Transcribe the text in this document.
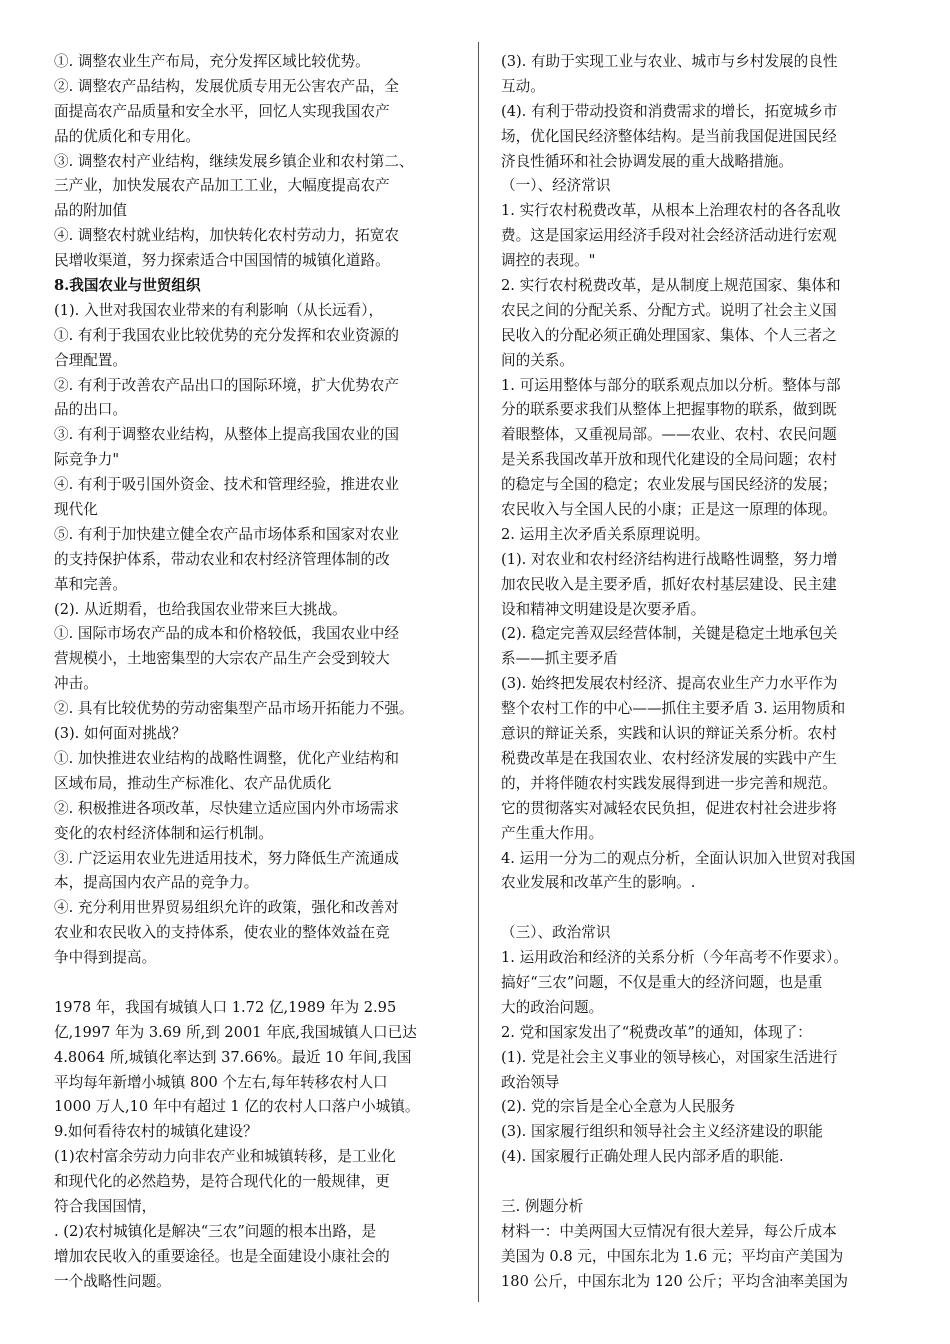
①. 调整农业生产布局，充分发挥区域比较优势。
②. 调整农产品结构，发展优质专用无公害农产品，全
面提高农产品质量和安全水平，回忆人实现我国农产
品的优质化和专用化。
③. 调整农村产业结构，继续发展乡镇企业和农村第二、
三产业，加快发展农产品加工工业，大幅度提高农产
品的附加值
④. 调整农村就业结构，加快转化农村劳动力，拓宽农
民增收渠道，努力探索适合中国国情的城镇化道路。
8.我国农业与世贸组织
(1). 入世对我国农业带来的有利影响（从长远看），
①. 有利于我国农业比较优势的充分发挥和农业资源的
合理配置。
②. 有利于改善农产品出口的国际环境，扩大优势农产
品的出口。
③. 有利于调整农业结构，从整体上提高我国农业的国
际竞争力"
④. 有利于吸引国外资金、技术和管理经验，推进农业
现代化
⑤. 有利于加快建立健全农产品市场体系和国家对农业
的支持保护体系，带动农业和农村经济管理体制的改
革和完善。
(2). 从近期看，也给我国农业带来巨大挑战。
①. 国际市场农产品的成本和价格较低，我国农业中经
营规模小，土地密集型的大宗农产品生产会受到较大
冲击。
②. 具有比较优势的劳动密集型产品市场开拓能力不强。
(3). 如何面对挑战？
①. 加快推进农业结构的战略性调整，优化产业结构和
区域布局，推动生产标准化、农产品优质化
②. 积极推进各项改革，尽快建立适应国内外市场需求
变化的农村经济体制和运行机制。
③. 广泛运用农业先进适用技术，努力降低生产流通成
本，提高国内农产品的竞争力。
④. 充分利用世界贸易组织允许的政策，强化和改善对
农业和农民收入的支持体系，使农业的整体效益在竞
争中得到提高。
1978 年，我国有城镇人口 1.72 亿,1989 年为 2.95
亿,1997 年为 3.69 所,到 2001 年底,我国城镇人口已达
4.8064 所,城镇化率达到 37.66%。最近 10 年间,我国
平均每年新增小城镇 800 个左右,每年转移农村人口
1000 万人,10 年中有超过 1 亿的农村人口落户小城镇。
9.如何看待农村的城镇化建设？
(1)农村富余劳动力向非农产业和城镇转移，是工业化
和现代化的必然趋势，是符合现代化的一般规律，更
符合我国国情，
. (2)农村城镇化是解决“三农”问题的根本出路，是
增加农民收入的重要途径。也是全面建设小康社会的
一个战略性问题。
(3). 有助于实现工业与农业、城市与乡村发展的良性
互动。
(4). 有利于带动投资和消费需求的增长，拓宽城乡市
场，优化国民经济整体结构。是当前我国促进国民经
济良性循环和社会协调发展的重大战略措施。
（一）、经济常识
1. 实行农村税费改革，从根本上治理农村的各各乱收
费。这是国家运用经济手段对社会经济活动进行宏观
调控的表现。"
2. 实行农村税费改革，是从制度上规范国家、集体和
农民之间的分配关系、分配方式。说明了社会主义国
民收入的分配必须正确处理国家、集体、个人三者之
间的关系。
1. 可运用整体与部分的联系观点加以分析。整体与部
分的联系要求我们从整体上把握事物的联系，做到既
着眼整体，又重视局部。——农业、农村、农民问题
是关系我国改革开放和现代化建设的全局问题；农村
的稳定与全国的稳定；农业发展与国民经济的发展；
农民收入与全国人民的小康；正是这一原理的体现。
2. 运用主次矛盾关系原理说明。
(1). 对农业和农村经济结构进行战略性调整，努力增
加农民收入是主要矛盾，抓好农村基层建设、民主建
设和精神文明建设是次要矛盾。
(2). 稳定完善双层经营体制，关键是稳定土地承包关
系——抓主要矛盾
(3). 始终把发展农村经济、提高农业生产力水平作为
整个农村工作的中心——抓住主要矛盾 3. 运用物质和
意识的辩证关系，实践和认识的辩证关系分析。农村
税费改革是在我国农业、农村经济发展的实践中产生
的，并将伴随农村实践发展得到进一步完善和规范。
它的贯彻落实对减轻农民负担，促进农村社会进步将
产生重大作用。
4. 运用一分为二的观点分析，全面认识加入世贸对我国
农业发展和改革产生的影响。.
（三）、政治常识
1. 运用政治和经济的关系分析（今年高考不作要求）。
搞好“三农”问题，不仅是重大的经济问题，也是重
大的政治问题。
2. 党和国家发出了“税费改革”的通知，体现了：
(1). 党是社会主义事业的领导核心，对国家生活进行
政治领导
(2). 党的宗旨是全心全意为人民服务
(3). 国家履行组织和领导社会主义经济建设的职能
(4). 国家履行正确处理人民内部矛盾的职能.
三. 例题分析
材料一：中美两国大豆情况有很大差异，每公斤成本
美国为 0.8 元，中国东北为 1.6 元；平均亩产美国为
180 公斤，中国东北为 120 公斤；平均含油率美国为
